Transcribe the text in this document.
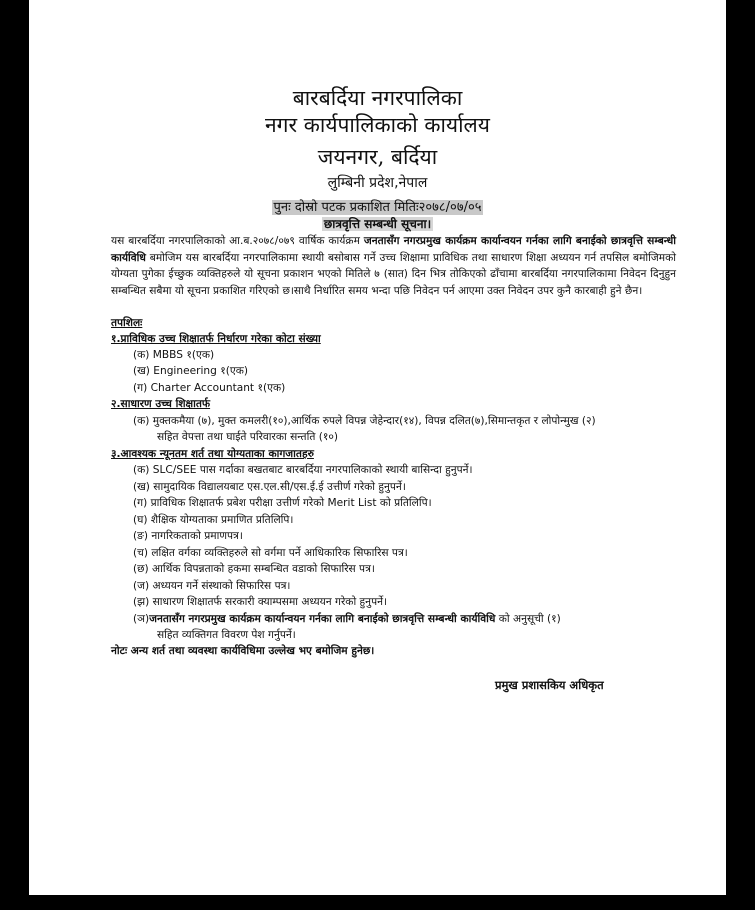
बारबर्दिया नगरपालिका
नगर कार्यपालिकाको कार्यालय
जयनगर, बर्दिया
लुम्बिनी प्रदेश,नेपाल
पुनः दोस्रो पटक प्रकाशित मितिः२०७८/०७/०५
छात्रवृत्ति सम्बन्धी सूचना।
यस बारबर्दिया नगरपालिकाको आ.ब.२०७८/०७९ वार्षिक कार्यक्रम जनतासँग नगरप्रमुख कार्यक्रम कार्यान्वयन गर्नका लागि बनाईको छात्रवृत्ति सम्बन्धी कार्यविधि बमोजिम यस बारबर्दिया नगरपालिकामा स्थायी बसोबास गर्ने उच्च शिक्षामा प्राविधिक तथा साधारण शिक्षा अध्ययन गर्न तपसिल बमोजिमको योग्यता पुगेका ईच्छुक व्यक्तिहरुले यो सूचना प्रकाशन भएको मितिले ७ (सात) दिन भित्र तोकिएको ढाँचामा बारबर्दिया नगरपालिकामा निवेदन दिनुहुन सम्बन्धित सबैमा यो सूचना प्रकाशित गरिएको छ।साथै निर्धारित समय भन्दा पछि निवेदन पर्न आएमा उक्त निवेदन उपर कुनै कारबाही हुने छैन।
तपशिलः
१.प्राविधिक उच्च शिक्षातर्फ निर्धारण गरेका कोटा संख्या
(क) MBBS १(एक)
(ख) Engineering १(एक)
(ग) Charter Accountant १(एक)
२.साधारण उच्च शिक्षातर्फ
(क) मुक्तकमैया (७), मुक्त कमलरी(१०),आर्थिक रुपले विपन्न जेहेन्दार(१४), विपन्न दलित(७),सिमान्तकृत र लोपोन्मुख (२)
सहित वेपत्ता तथा घाईते परिवारका सन्तति (१०)
३.आवश्यक न्यूनतम शर्त तथा योग्यताका कागजातहरु
(क) SLC/SEE पास गर्दाका बखतबाट बारबर्दिया नगरपालिकाको स्थायी बासिन्दा हुनुपर्ने।
(ख) सामुदायिक विद्यालयबाट एस.एल.सी/एस.ई.ई उत्तीर्ण गरेको हुनुपर्ने।
(ग) प्राविधिक शिक्षातर्फ प्रबेश परीक्षा उत्तीर्ण गरेको Merit List को प्रतिलिपि।
(घ) शैक्षिक योग्यताका प्रमाणित प्रतिलिपि।
(ङ) नागरिकताको प्रमाणपत्र।
(च) लक्षित वर्गका व्यक्तिहरुले सो वर्गमा पर्ने आधिकारिक सिफारिस पत्र।
(छ) आर्थिक विपन्नताको हकमा सम्बन्धित वडाको सिफारिस पत्र।
(ज) अध्ययन गर्ने संस्थाको सिफारिस पत्र।
(झ) साधारण शिक्षातर्फ सरकारी क्याम्पसमा अध्ययन गरेको हुनुपर्ने।
(ञ)जनतासँग नगरप्रमुख कार्यक्रम कार्यान्वयन गर्नका लागि बनाईको छात्रवृत्ति सम्बन्धी कार्यविधि को अनुसूची (१)
सहित व्यक्तिगत विवरण पेश गर्नुपर्ने।
नोटः अन्य शर्त तथा व्यवस्था कार्यविधिमा उल्लेख भए बमोजिम हुनेछ।
प्रमुख प्रशासकिय अधिकृत
